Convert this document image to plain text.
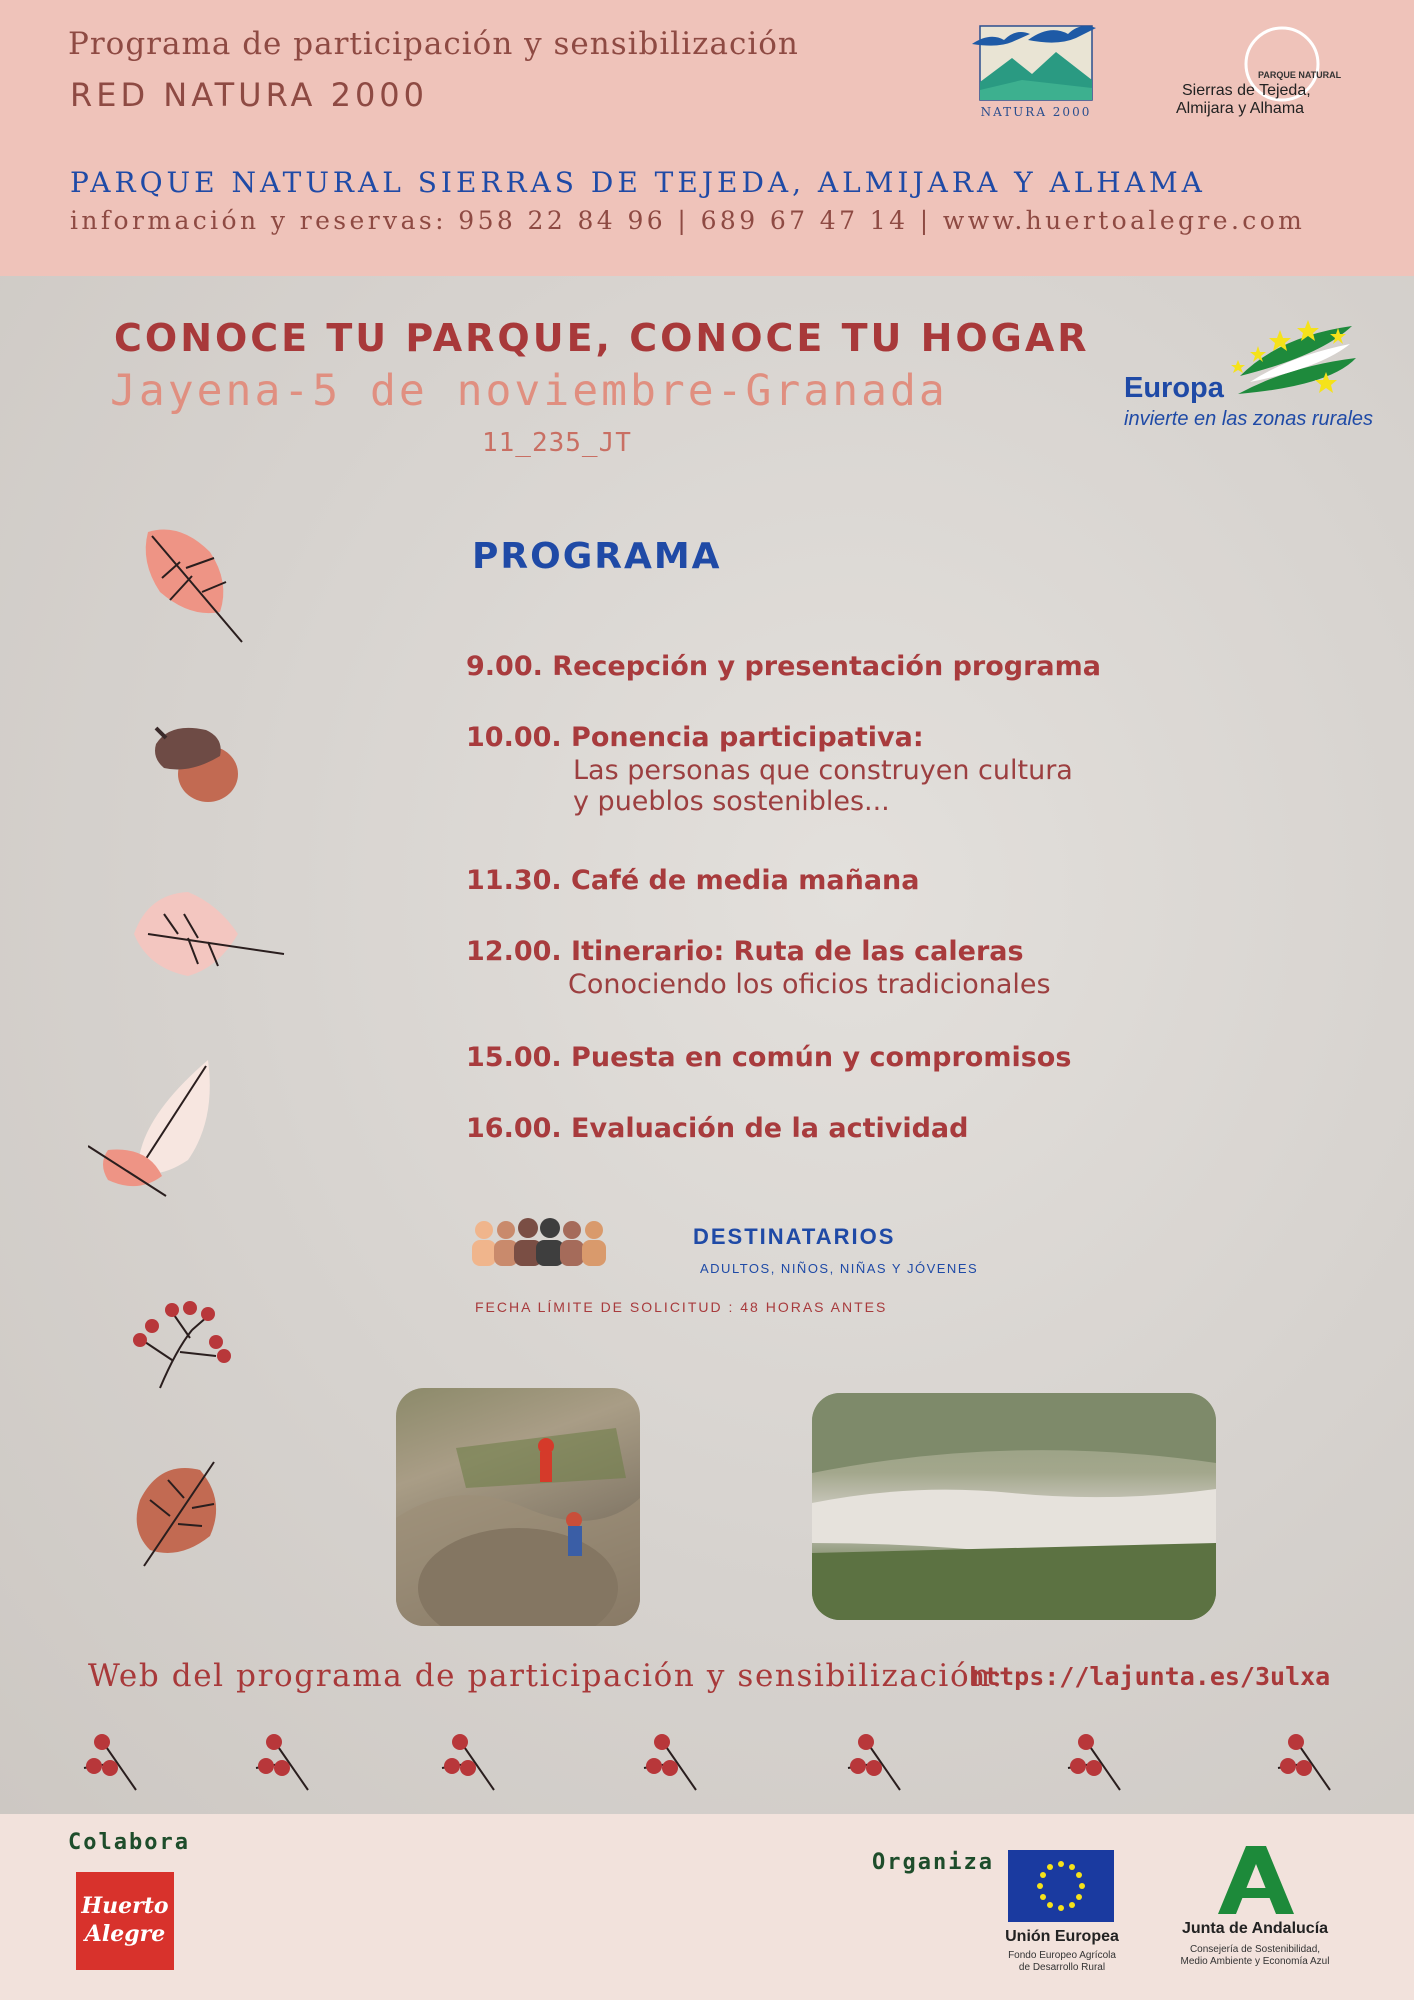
Programa de participación y sensibilización
RED NATURA 2000
PARQUE NATURAL SIERRAS DE TEJEDA, ALMIJARA Y ALHAMA
información y reservas: 958 22 84 96 | 689 67 47 14 | www.huertoalegre.com
NATURA 2000
PARQUE NATURAL
Sierras de Tejeda,
Almijara y Alhama
CONOCE TU PARQUE, CONOCE TU HOGAR
Jayena-5 de noviembre-Granada
11_235_JT
Europa
invierte en las zonas rurales
PROGRAMA
9.00. Recepción y presentación programa
10.00. Ponencia participativa:
Las personas que construyen cultura
y pueblos sostenibles...
11.30. Café de media mañana
12.00. Itinerario: Ruta de las caleras
Conociendo los oficios tradicionales
15.00. Puesta en común y compromisos
16.00. Evaluación de la actividad
DESTINATARIOS
ADULTOS, NIÑOS, NIÑAS Y JÓVENES
FECHA LÍMITE DE SOLICITUD : 48 HORAS ANTES
Web del programa de participación y sensibilización:
https://lajunta.es/3ulxa
Colabora
Organiza
Huerto
Alegre	Unión Europea
Fondo Europeo Agrícola
de Desarrollo Rural
Junta de Andalucía
Consejería de Sostenibilidad,
Medio Ambiente y Economía Azul
